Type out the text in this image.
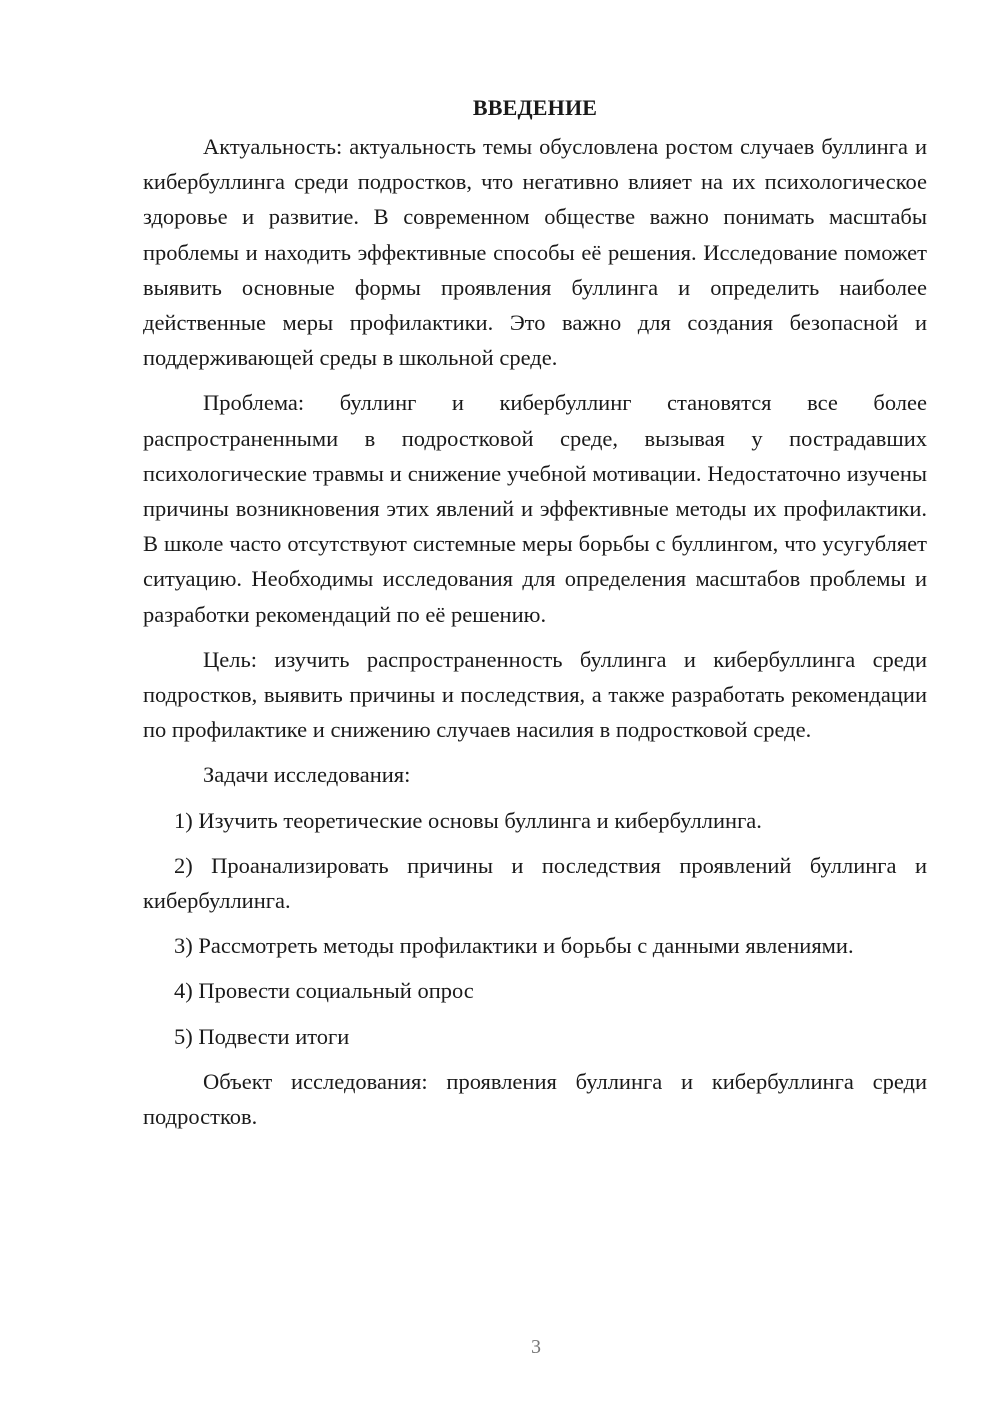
ВВЕДЕНИЕ

Актуальность: актуальность темы обусловлена ростом случаев буллинга и кибербуллинга среди подростков, что негативно влияет на их психологическое здоровье и развитие. В современном обществе важно понимать масштабы проблемы и находить эффективные способы её решения. Исследование поможет выявить основные формы проявления буллинга и определить наиболее действенные меры профилактики. Это важно для создания безопасной и поддерживающей среды в школьной среде.

Проблема: буллинг и кибербуллинг становятся все более распространенными в подростковой среде, вызывая у пострадавших психологические травмы и снижение учебной мотивации. Недостаточно изучены причины возникновения этих явлений и эффективные методы их профилактики. В школе часто отсутствуют системные меры борьбы с буллингом, что усугубляет ситуацию. Необходимы исследования для определения масштабов проблемы и разработки рекомендаций по её решению.

Цель: изучить распространенность буллинга и кибербуллинга среди подростков, выявить причины и последствия, а также разработать рекомендации по профилактике и снижению случаев насилия в подростковой среде.

Задачи исследования:

1) Изучить теоретические основы буллинга и кибербуллинга.

2) Проанализировать причины и последствия проявлений буллинга и кибербуллинга.

3) Рассмотреть методы профилактики и борьбы с данными явлениями.

4) Провести социальный опрос

5) Подвести итоги

Объект исследования: проявления буллинга и кибербуллинга среди подростков.

3
